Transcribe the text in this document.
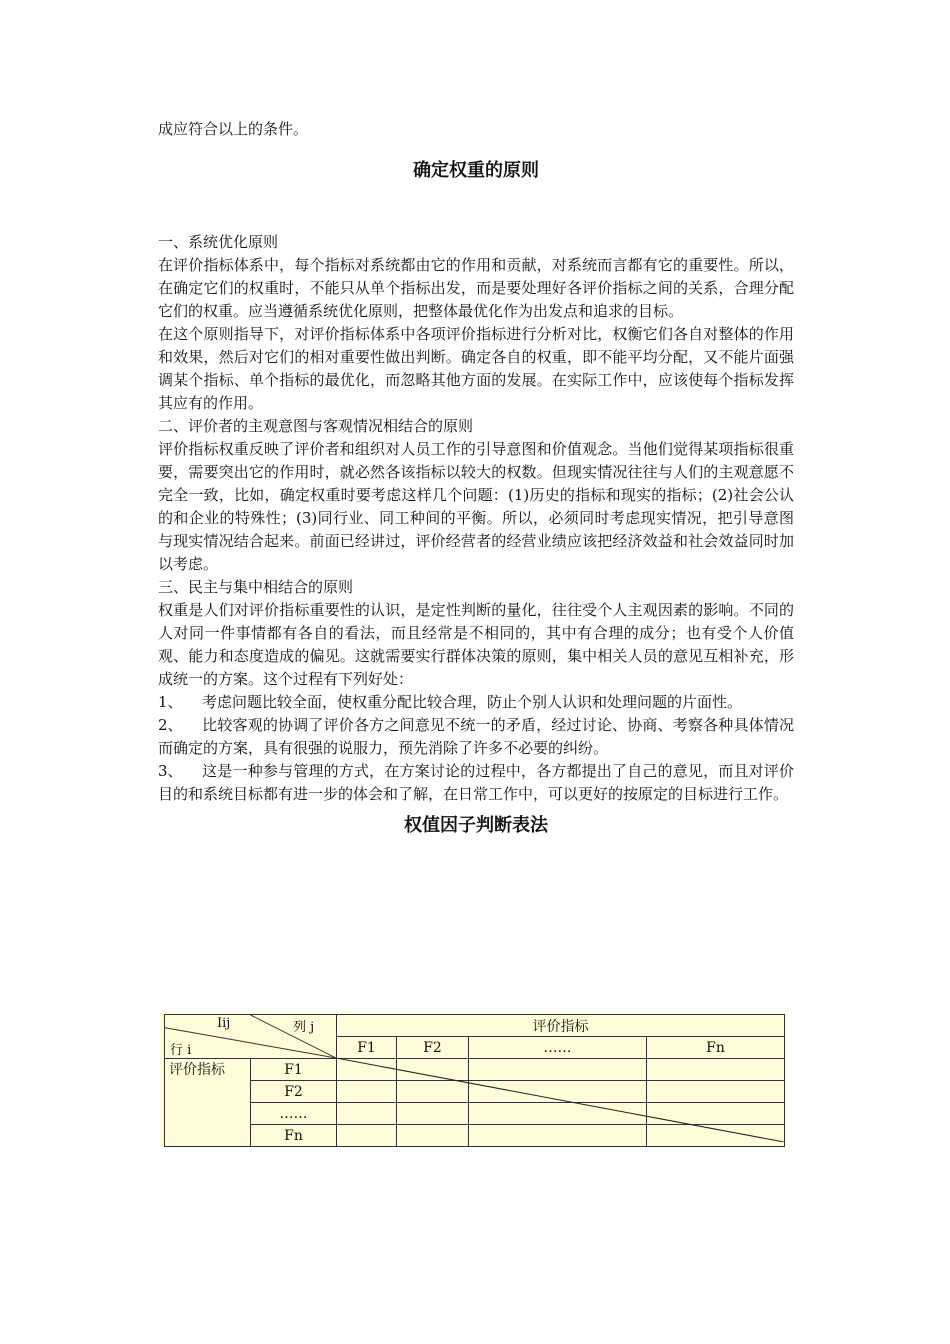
成应符合以上的条件。

确定权重的原则

一、系统优化原则

在评价指标体系中，每个指标对系统都由它的作用和贡献，对系统而言都有它的重要性。所以，在确定它们的权重时，不能只从单个指标出发，而是要处理好各评价指标之间的关系，合理分配它们的权重。应当遵循系统优化原则，把整体最优化作为出发点和追求的目标。

在这个原则指导下，对评价指标体系中各项评价指标进行分析对比，权衡它们各自对整体的作用和效果，然后对它们的相对重要性做出判断。确定各自的权重，即不能平均分配，又不能片面强调某个指标、单个指标的最优化，而忽略其他方面的发展。在实际工作中，应该使每个指标发挥其应有的作用。

二、评价者的主观意图与客观情况相结合的原则

评价指标权重反映了评价者和组织对人员工作的引导意图和价值观念。当他们觉得某项指标很重要，需要突出它的作用时，就必然各该指标以较大的权数。但现实情况往往与人们的主观意愿不完全一致，比如，确定权重时要考虑这样几个问题：(1)历史的指标和现实的指标；(2)社会公认的和企业的特殊性；(3)同行业、同工种间的平衡。所以，必须同时考虑现实情况，把引导意图与现实情况结合起来。前面已经讲过，评价经营者的经营业绩应该把经济效益和社会效益同时加以考虑。

三、民主与集中相结合的原则

权重是人们对评价指标重要性的认识，是定性判断的量化，往往受个人主观因素的影响。不同的人对同一件事情都有各自的看法，而且经常是不相同的，其中有合理的成分；也有受个人价值观、能力和态度造成的偏见。这就需要实行群体决策的原则，集中相关人员的意见互相补充，形成统一的方案。这个过程有下列好处：

1、 考虑问题比较全面，使权重分配比较合理，防止个别人认识和处理问题的片面性。

2、 比较客观的协调了评价各方之间意见不统一的矛盾，经过讨论、协商、考察各种具体情况而确定的方案，具有很强的说服力，预先消除了许多不必要的纠纷。

3、 这是一种参与管理的方式，在方案讨论的过程中，各方都提出了自己的意见，而且对评价目的和系统目标都有进一步的体会和了解，在日常工作中，可以更好的按原定的目标进行工作。

权值因子判断表法

Iij 列 j
行 i		评价指标			
		F1	F2	……	Fn
评价指标	F1				
	F2				
	……				
	Fn				
